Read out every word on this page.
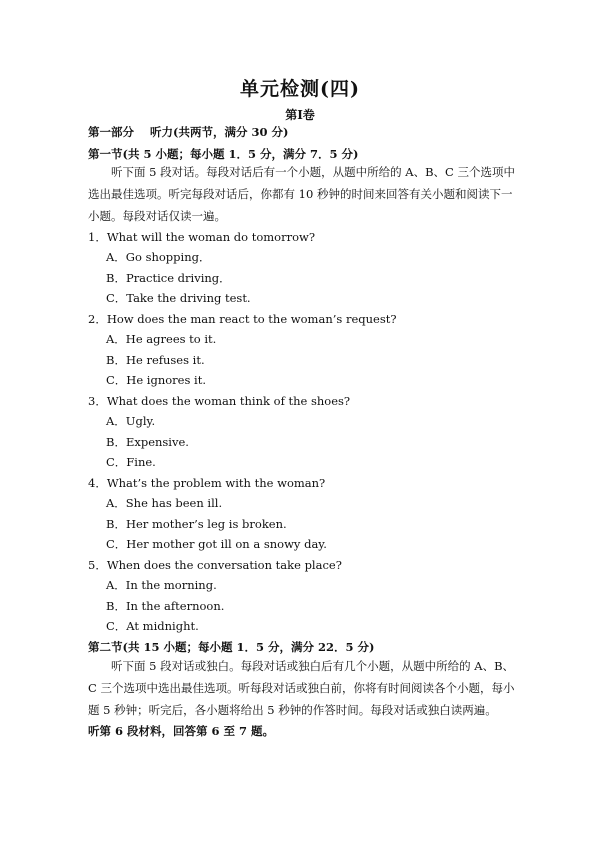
单元检测(四)
第Ⅰ卷
第一部分 听力(共两节，满分 30 分)
第一节(共 5 小题；每小题 1．5 分，满分 7．5 分)
听下面 5 段对话。每段对话后有一个小题，从题中所给的 A、B、C 三个选项中选出最佳选项。听完每段对话后，你都有 10 秒钟的时间来回答有关小题和阅读下一小题。每段对话仅读一遍。
1．What will the woman do tomorrow?
A．Go shopping．
B．Practice driving．
C．Take the driving test.
2．How does the man react to the woman’s request?
A．He agrees to it.
B．He refuses it.
C．He ignores it.
3．What does the woman think of the shoes?
A．Ugly.
B．Expensive.
C．Fine.
4．What’s the problem with the woman?
A．She has been ill.
B．Her mother’s leg is broken.
C．Her mother got ill on a snowy day.
5．When does the conversation take place?
A．In the morning.
B．In the afternoon.
C．At midnight.
第二节(共 15 小题；每小题 1．5 分，满分 22．5 分)
听下面 5 段对话或独白。每段对话或独白后有几个小题，从题中所给的 A、B、C 三个选项中选出最佳选项。听每段对话或独白前，你将有时间阅读各个小题，每小题 5 秒钟；听完后，各小题将给出 5 秒钟的作答时间。每段对话或独白读两遍。
听第 6 段材料，回答第 6 至 7 题。
